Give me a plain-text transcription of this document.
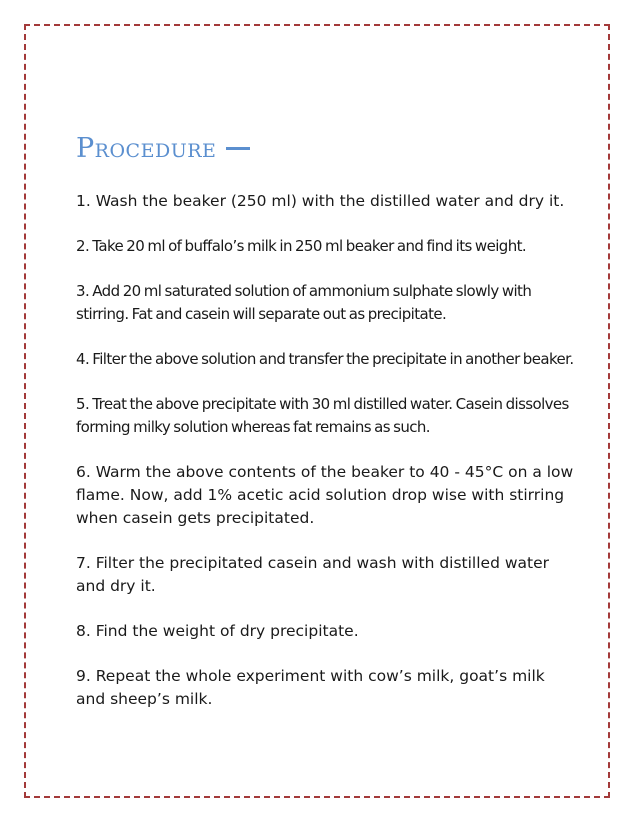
Procedure
1. Wash the beaker (250 ml) with the distilled water and dry it.
2. Take 20 ml of buffalo’s milk in 250 ml beaker and find its weight.
3. Add 20 ml saturated solution of ammonium sulphate slowly with stirring. Fat and casein will separate out as precipitate.
4. Filter the above solution and transfer the precipitate in another beaker.
5. Treat the above precipitate with 30 ml distilled water. Casein dissolves forming milky solution whereas fat remains as such.
6. Warm the above contents of the beaker to 40 - 45°C on a low flame. Now, add 1% acetic acid solution drop wise with stirring when casein gets precipitated.
7. Filter the precipitated casein and wash with distilled water and dry it.
8. Find the weight of dry precipitate.
9. Repeat the whole experiment with cow’s milk, goat’s milk and sheep’s milk.
